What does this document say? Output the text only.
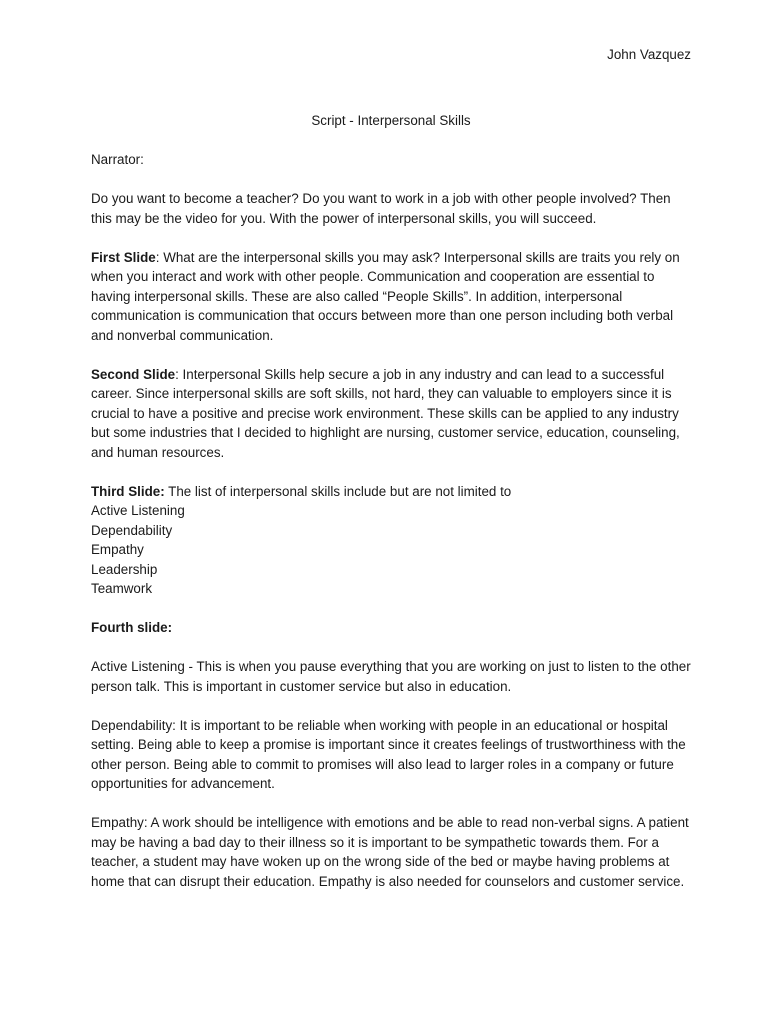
John Vazquez
Script - Interpersonal Skills

Narrator:

Do you want to become a teacher? Do you want to work in a job with other people involved? Then this may be the video for you. With the power of interpersonal skills, you will succeed.

First Slide: What are the interpersonal skills you may ask? Interpersonal skills are traits you rely on when you interact and work with other people. Communication and cooperation are essential to having interpersonal skills. These are also called “People Skills”. In addition, interpersonal communication is communication that occurs between more than one person including both verbal and nonverbal communication.

Second Slide: Interpersonal Skills help secure a job in any industry and can lead to a successful career. Since interpersonal skills are soft skills, not hard, they can valuable to employers since it is crucial to have a positive and precise work environment. These skills can be applied to any industry but some industries that I decided to highlight are nursing, customer service, education, counseling, and human resources.

Third Slide: The list of interpersonal skills include but are not limited to

Active Listening
Dependability
Empathy
Leadership
Teamwork

Fourth slide:

Active Listening - This is when you pause everything that you are working on just to listen to the other person talk. This is important in customer service but also in education.

Dependability: It is important to be reliable when working with people in an educational or hospital setting. Being able to keep a promise is important since it creates feelings of trustworthiness with the other person. Being able to commit to promises will also lead to larger roles in a company or future opportunities for advancement.

Empathy: A work should be intelligence with emotions and be able to read non-verbal signs. A patient may be having a bad day to their illness so it is important to be sympathetic towards them. For a teacher, a student may have woken up on the wrong side of the bed or maybe having problems at home that can disrupt their education. Empathy is also needed for counselors and customer service.
